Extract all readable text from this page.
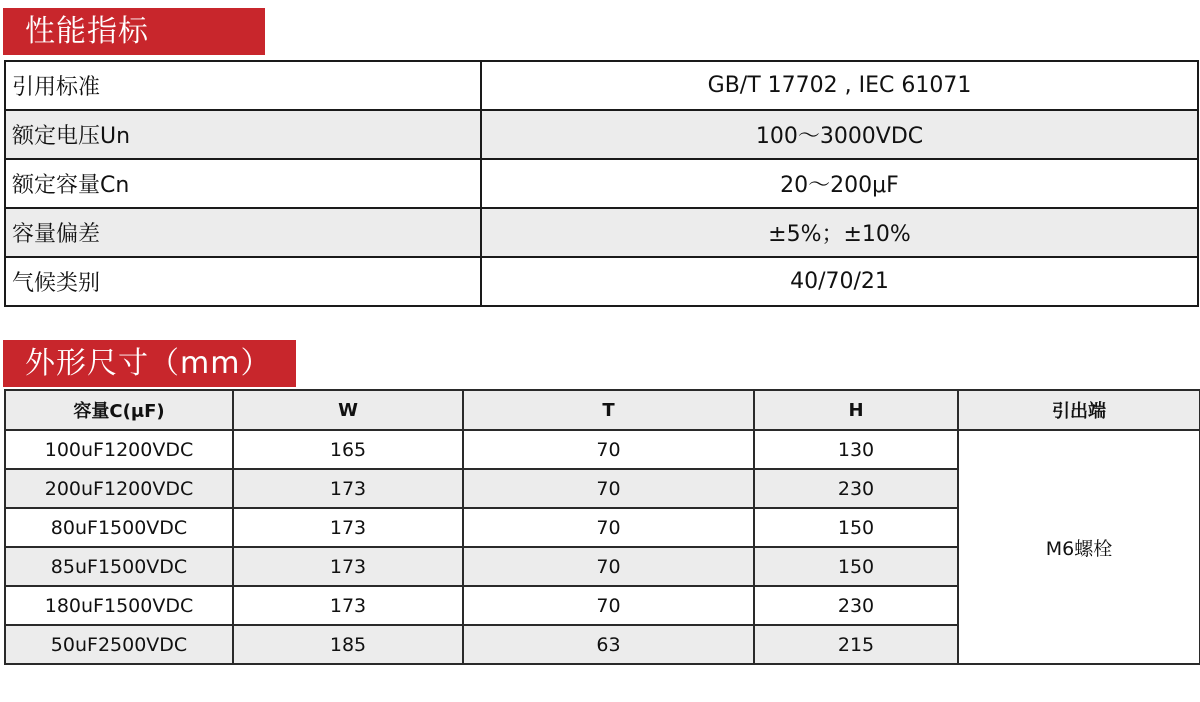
性能指标
引用标准	GB/T 17702 , IEC 61071
额定电压Un	100～3000VDC
额定容量Cn	20～200μF
容量偏差	±5%；±10%
气候类别	40/70/21
外形尺寸（mm）
容量C(μF)	W	T	H	引出端
100uF1200VDC	165	70	130	M6螺栓
200uF1200VDC	173	70	230	
80uF1500VDC	173	70	150	
85uF1500VDC	173	70	150	
180uF1500VDC	173	70	230	
50uF2500VDC	185	63	215	
